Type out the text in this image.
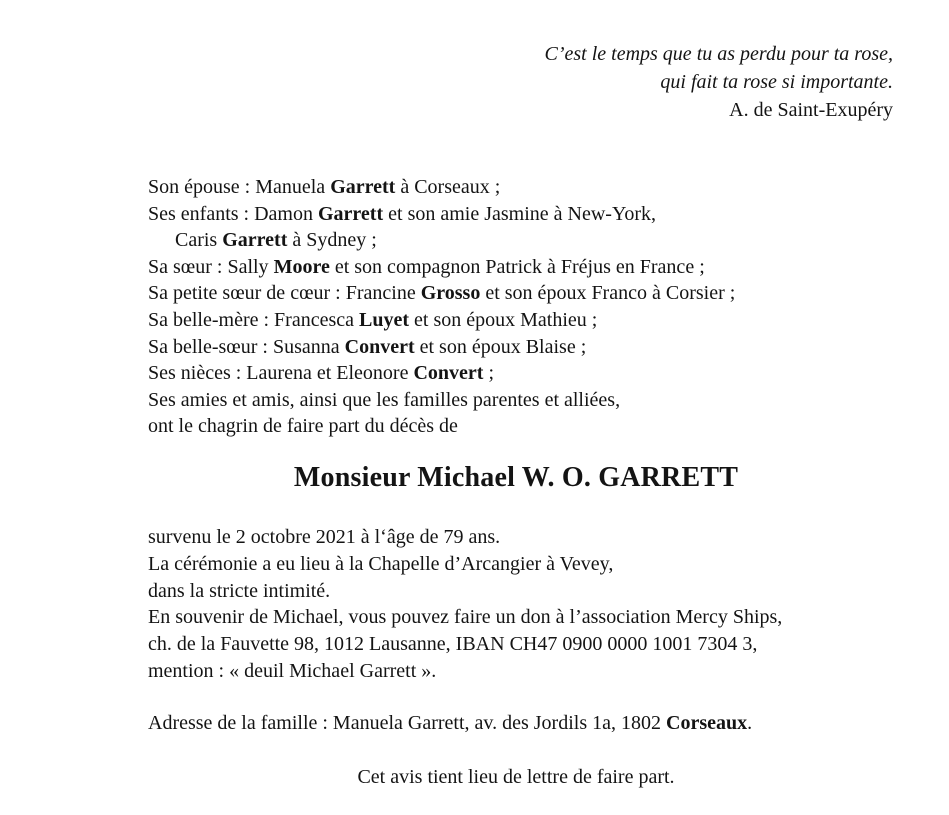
C’est le temps que tu as perdu pour ta rose,
qui fait ta rose si importante.
A. de Saint-Exupéry
Son épouse : Manuela Garrett à Corseaux ;
Ses enfants : Damon Garrett et son amie Jasmine à New-York,
Caris Garrett à Sydney ;
Sa sœur : Sally Moore et son compagnon Patrick à Fréjus en France ;
Sa petite sœur de cœur : Francine Grosso et son époux Franco à Corsier ;
Sa belle-mère : Francesca Luyet et son époux Mathieu ;
Sa belle-sœur : Susanna Convert et son époux Blaise ;
Ses nièces : Laurena et Eleonore Convert ;
Ses amies et amis, ainsi que les familles parentes et alliées,
ont le chagrin de faire part du décès de
Monsieur Michael W. O. GARRETT
survenu le 2 octobre 2021 à l‘âge de 79 ans.
La cérémonie a eu lieu à la Chapelle d’Arcangier à Vevey,
dans la stricte intimité.
En souvenir de Michael, vous pouvez faire un don à l’association Mercy Ships,
ch. de la Fauvette 98, 1012 Lausanne, IBAN CH47 0900 0000 1001 7304 3,
mention : « deuil Michael Garrett ».
Adresse de la famille : Manuela Garrett, av. des Jordils 1a, 1802 Corseaux.
Cet avis tient lieu de lettre de faire part.
